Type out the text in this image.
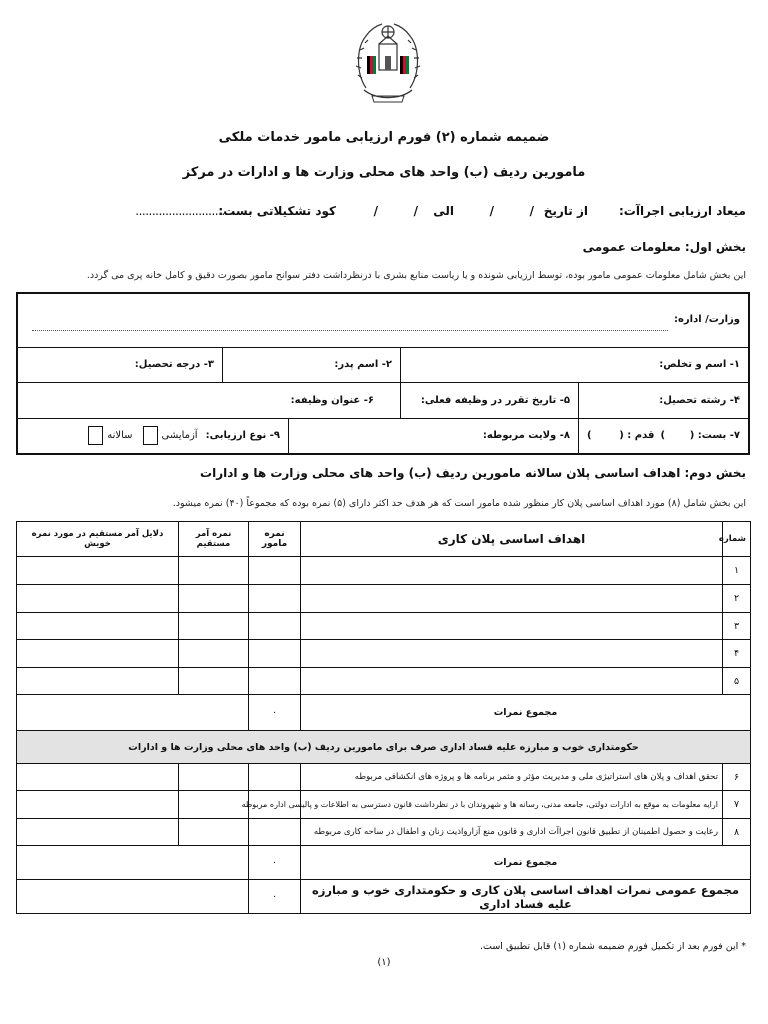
ضمیمه شماره (۲) فورم ارزیابی مامور خدمات ملکی
مامورین ردیف (ب) واحد های محلی وزارت ها و ادارات در مرکز
میعاد ارزیابی اجراآت:
از تاریخ
/
/
الی
/
/
کود تشکیلاتی بست:
...............................
بخش اول: معلومات عمومی
این بخش شامل معلومات عمومی مامور بوده، توسط ارزیابی شونده و یا ریاست منابع بشری با درنظرداشت دفتر سوانح مامور بصورت دقیق و کامل خانه پری می گردد.
وزارت/ اداره:
۱- اسم و تخلص:
۲- اسم پدر:
۳- درجه تحصیل:
۴- رشته تحصیل:
۵- تاریخ تقرر در وظیفه فعلی:
۶- عنوان وظیفه:
۷- بست: (
)
قدم : (
)
۸- ولایت مربوطه:
۹- نوع ارزیابی:
آزمایشی
سالانه
بخش دوم: اهداف اساسی پلان سالانه مامورین ردیف (ب) واحد های محلی وزارت ها و ادارات
این بخش شامل (۸) مورد اهداف اساسی پلان کار منظور شده مامور است که هر هدف حد اکثر دارای (۵) نمره بوده که مجموعاً (۴۰) نمره میشود.
شماره	اهداف اساسی پلان کاری	نمره مامور	نمره آمر مستقیم	دلایل آمر مستقیم در مورد نمره خویش
۱				
۲				
۳				
۴				
۵				
مجموع نمرات		۰		
حکومتداری خوب و مبارزه علیه فساد اداری صرف برای مامورین ردیف (ب) واحد های محلی وزارت ها و ادارات				
۶	تحقق اهداف و پلان های استراتیژی ملی و مدیریت مؤثر و مثمر برنامه ها و پروژه های انکشافی مربوطه			
۷	ارایه معلومات به موقع به ادارات دولتی، جامعه مدنی، رسانه ها و شهروندان با در نظرداشت قانون دسترسی به اطلاعات و پالیسی اداره مربوطه			
۸	رعایت و حصول اطمینان از تطبیق قانون اجراآت اداری و قانون منع آزارواذیت زنان و اطفال در ساحه کاری مربوطه			
مجموع نمرات		۰		
مجموع عمومی نمرات اهداف اساسی پلان کاری و حکومتداری خوب و مبارزه علیه فساد اداری		۰		
* این فورم بعد از تکمیل فورم ضمیمه شماره (۱) قابل تطبیق است.
(۱)
